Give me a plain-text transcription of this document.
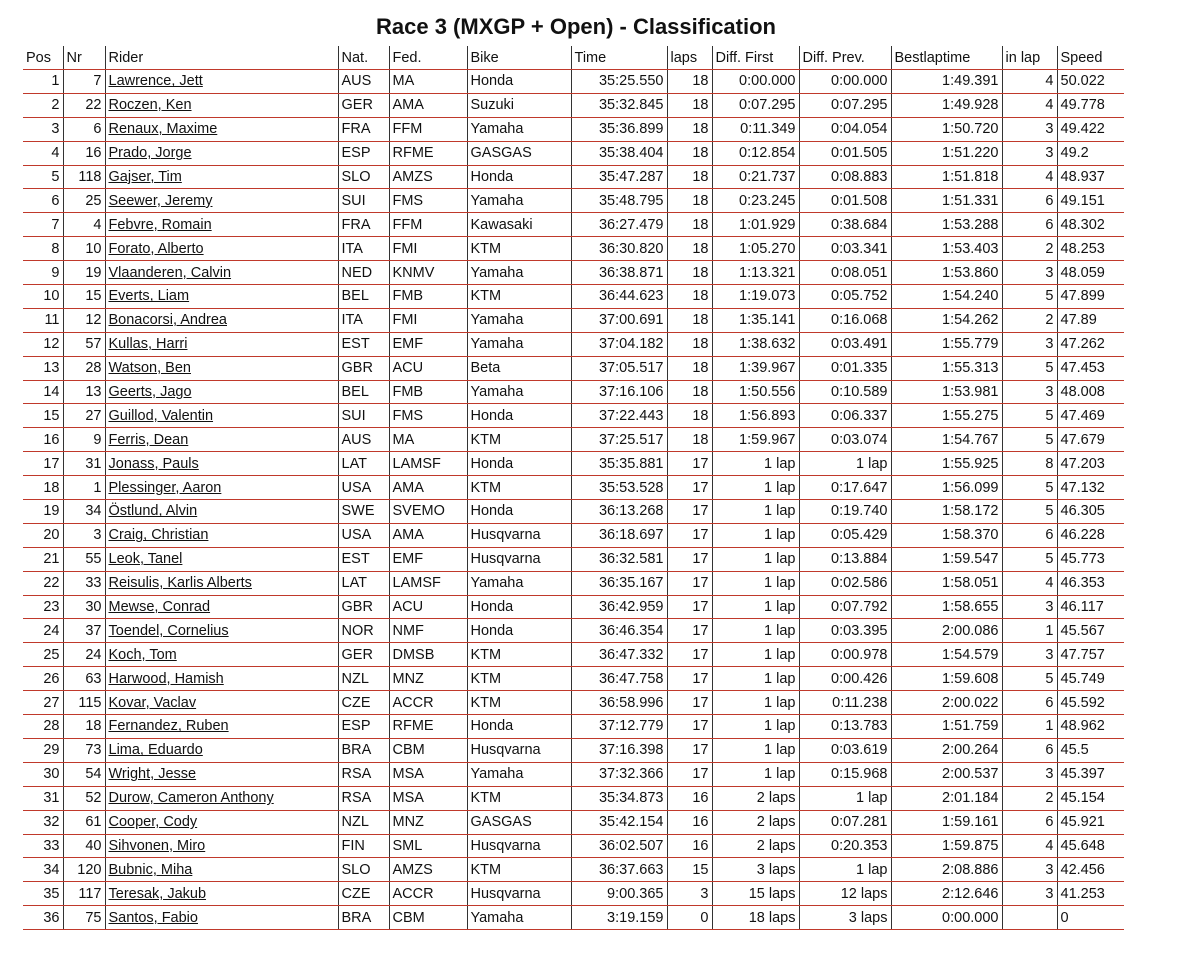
Race 3 (MXGP + Open) - Classification
Pos	Nr	Rider	Nat.	Fed.	Bike	Time	laps	Diff. First	Diff. Prev.	Bestlaptime	in lap	Speed
1	7	Lawrence, Jett	AUS	MA	Honda	35:25.550	18	0:00.000	0:00.000	1:49.391	4	50.022
2	22	Roczen, Ken	GER	AMA	Suzuki	35:32.845	18	0:07.295	0:07.295	1:49.928	4	49.778
3	6	Renaux, Maxime	FRA	FFM	Yamaha	35:36.899	18	0:11.349	0:04.054	1:50.720	3	49.422
4	16	Prado, Jorge	ESP	RFME	GASGAS	35:38.404	18	0:12.854	0:01.505	1:51.220	3	49.2
5	118	Gajser, Tim	SLO	AMZS	Honda	35:47.287	18	0:21.737	0:08.883	1:51.818	4	48.937
6	25	Seewer, Jeremy	SUI	FMS	Yamaha	35:48.795	18	0:23.245	0:01.508	1:51.331	6	49.151
7	4	Febvre, Romain	FRA	FFM	Kawasaki	36:27.479	18	1:01.929	0:38.684	1:53.288	6	48.302
8	10	Forato, Alberto	ITA	FMI	KTM	36:30.820	18	1:05.270	0:03.341	1:53.403	2	48.253
9	19	Vlaanderen, Calvin	NED	KNMV	Yamaha	36:38.871	18	1:13.321	0:08.051	1:53.860	3	48.059
10	15	Everts, Liam	BEL	FMB	KTM	36:44.623	18	1:19.073	0:05.752	1:54.240	5	47.899
11	12	Bonacorsi, Andrea	ITA	FMI	Yamaha	37:00.691	18	1:35.141	0:16.068	1:54.262	2	47.89
12	57	Kullas, Harri	EST	EMF	Yamaha	37:04.182	18	1:38.632	0:03.491	1:55.779	3	47.262
13	28	Watson, Ben	GBR	ACU	Beta	37:05.517	18	1:39.967	0:01.335	1:55.313	5	47.453
14	13	Geerts, Jago	BEL	FMB	Yamaha	37:16.106	18	1:50.556	0:10.589	1:53.981	3	48.008
15	27	Guillod, Valentin	SUI	FMS	Honda	37:22.443	18	1:56.893	0:06.337	1:55.275	5	47.469
16	9	Ferris, Dean	AUS	MA	KTM	37:25.517	18	1:59.967	0:03.074	1:54.767	5	47.679
17	31	Jonass, Pauls	LAT	LAMSF	Honda	35:35.881	17	1 lap	1 lap	1:55.925	8	47.203
18	1	Plessinger, Aaron	USA	AMA	KTM	35:53.528	17	1 lap	0:17.647	1:56.099	5	47.132
19	34	Östlund, Alvin	SWE	SVEMO	Honda	36:13.268	17	1 lap	0:19.740	1:58.172	5	46.305
20	3	Craig, Christian	USA	AMA	Husqvarna	36:18.697	17	1 lap	0:05.429	1:58.370	6	46.228
21	55	Leok, Tanel	EST	EMF	Husqvarna	36:32.581	17	1 lap	0:13.884	1:59.547	5	45.773
22	33	Reisulis, Karlis Alberts	LAT	LAMSF	Yamaha	36:35.167	17	1 lap	0:02.586	1:58.051	4	46.353
23	30	Mewse, Conrad	GBR	ACU	Honda	36:42.959	17	1 lap	0:07.792	1:58.655	3	46.117
24	37	Toendel, Cornelius	NOR	NMF	Honda	36:46.354	17	1 lap	0:03.395	2:00.086	1	45.567
25	24	Koch, Tom	GER	DMSB	KTM	36:47.332	17	1 lap	0:00.978	1:54.579	3	47.757
26	63	Harwood, Hamish	NZL	MNZ	KTM	36:47.758	17	1 lap	0:00.426	1:59.608	5	45.749
27	115	Kovar, Vaclav	CZE	ACCR	KTM	36:58.996	17	1 lap	0:11.238	2:00.022	6	45.592
28	18	Fernandez, Ruben	ESP	RFME	Honda	37:12.779	17	1 lap	0:13.783	1:51.759	1	48.962
29	73	Lima, Eduardo	BRA	CBM	Husqvarna	37:16.398	17	1 lap	0:03.619	2:00.264	6	45.5
30	54	Wright, Jesse	RSA	MSA	Yamaha	37:32.366	17	1 lap	0:15.968	2:00.537	3	45.397
31	52	Durow, Cameron Anthony	RSA	MSA	KTM	35:34.873	16	2 laps	1 lap	2:01.184	2	45.154
32	61	Cooper, Cody	NZL	MNZ	GASGAS	35:42.154	16	2 laps	0:07.281	1:59.161	6	45.921
33	40	Sihvonen, Miro	FIN	SML	Husqvarna	36:02.507	16	2 laps	0:20.353	1:59.875	4	45.648
34	120	Bubnic, Miha	SLO	AMZS	KTM	36:37.663	15	3 laps	1 lap	2:08.886	3	42.456
35	117	Teresak, Jakub	CZE	ACCR	Husqvarna	9:00.365	3	15 laps	12 laps	2:12.646	3	41.253
36	75	Santos, Fabio	BRA	CBM	Yamaha	3:19.159	0	18 laps	3 laps	0:00.000		0
